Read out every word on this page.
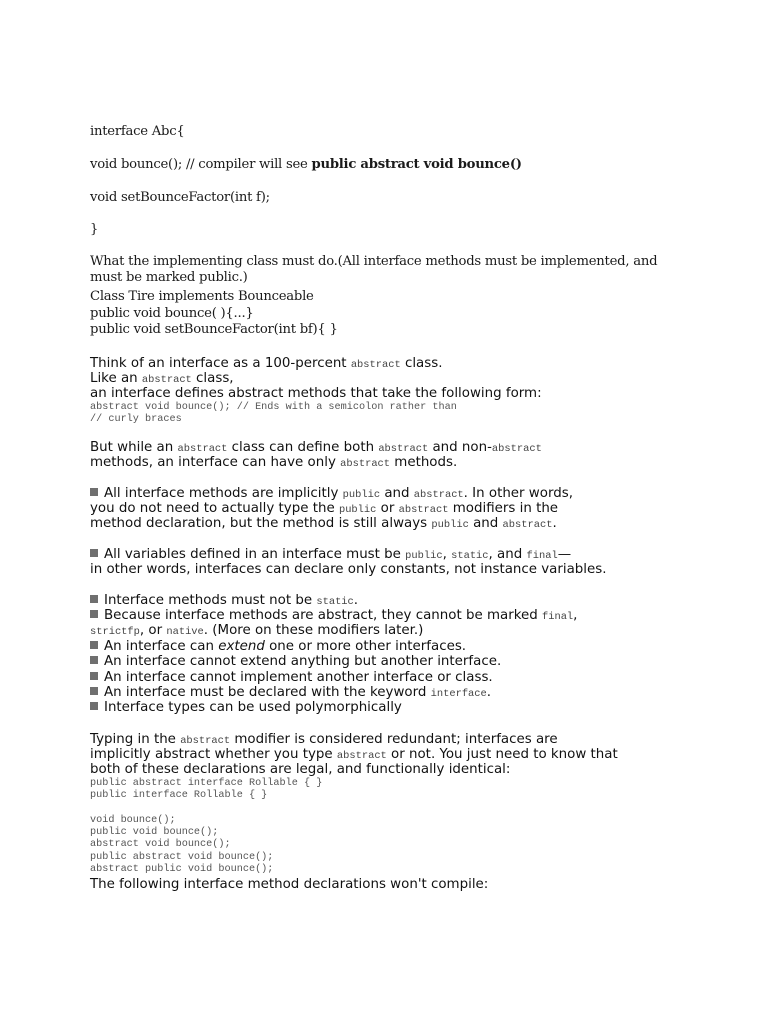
interface Abc{
void bounce(); // compiler will see public abstract void bounce()
void setBounceFactor(int f);
}
What the implementing class must do.(All interface methods must be implemented, and must be marked public.)
Class Tire implements Bounceable
public void bounce( ){...}
public void setBounceFactor(int bf){ }
Think of an interface as a 100-percent abstract class.
Like an abstract class,
an interface defines abstract methods that take the following form:
abstract void bounce(); // Ends with a semicolon rather than
// curly braces
But while an abstract class can define both abstract and non-abstract
methods, an interface can have only abstract methods.
All interface methods are implicitly public and abstract. In other words,
you do not need to actually type the public or abstract modifiers in the
method declaration, but the method is still always public and abstract.
All variables defined in an interface must be public, static, and final—
in other words, interfaces can declare only constants, not instance variables.
Interface methods must not be static.
Because interface methods are abstract, they cannot be marked final,
strictfp, or native. (More on these modifiers later.)
An interface can extend one or more other interfaces.
An interface cannot extend anything but another interface.
An interface cannot implement another interface or class.
An interface must be declared with the keyword interface.
Interface types can be used polymorphically
Typing in the abstract modifier is considered redundant; interfaces are
implicitly abstract whether you type abstract or not. You just need to know that
both of these declarations are legal, and functionally identical:
public abstract interface Rollable { }
public interface Rollable { }
void bounce();
public void bounce();
abstract void bounce();
public abstract void bounce();
abstract public void bounce();
The following interface method declarations won't compile:
